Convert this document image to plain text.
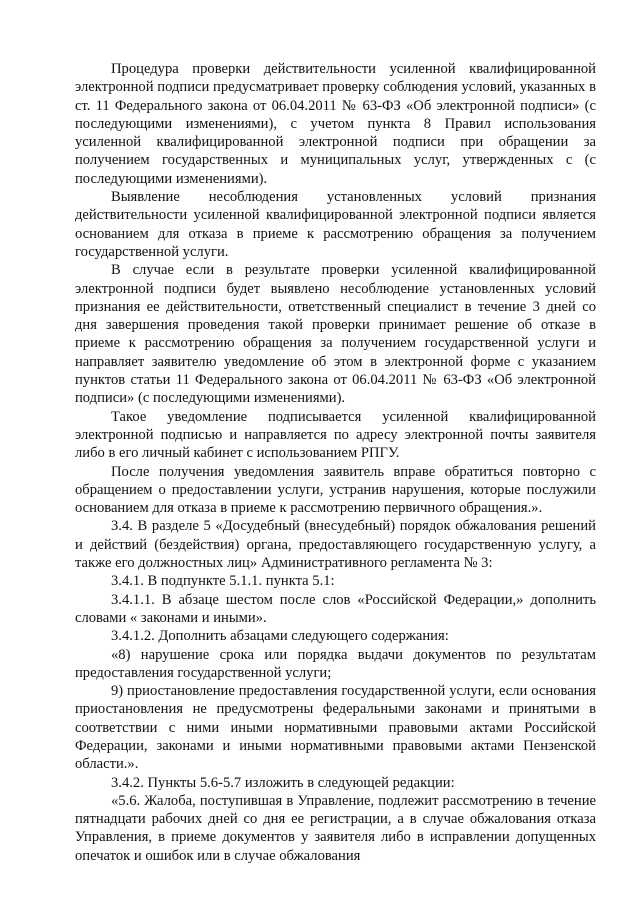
Процедура проверки действительности усиленной квалифицированной электронной подписи предусматривает проверку соблюдения условий, указанных в ст. 11 Федерального закона от 06.04.2011 № 63-ФЗ «Об электронной подписи» (с последующими изменениями), с учетом пункта 8 Правил использования усиленной квалифицированной электронной подписи при обращении за получением государственных и муниципальных услуг, утвержденных с (с последующими изменениями).

Выявление несоблюдения установленных условий признания действительности усиленной квалифицированной электронной подписи является основанием для отказа в приеме к рассмотрению обращения за получением государственной услуги.

В случае если в результате проверки усиленной квалифицированной электронной подписи будет выявлено несоблюдение установленных условий признания ее действительности, ответственный специалист в течение 3 дней со дня завершения проведения такой проверки принимает решение об отказе в приеме к рассмотрению обращения за получением государственной услуги и направляет заявителю уведомление об этом в электронной форме с указанием пунктов статьи 11 Федерального закона от 06.04.2011 № 63-ФЗ «Об электронной подписи» (с последующими изменениями).

Такое уведомление подписывается усиленной квалифицированной электронной подписью и направляется по адресу электронной почты заявителя либо в его личный кабинет с использованием РПГУ.

После получения уведомления заявитель вправе обратиться повторно с обращением о предоставлении услуги, устранив нарушения, которые послужили основанием для отказа в приеме к рассмотрению первичного обращения.».

3.4. В разделе 5 «Досудебный (внесудебный) порядок обжалования решений и действий (бездействия) органа, предоставляющего государственную услугу, а также его должностных лиц» Административного регламента № 3:

3.4.1. В подпункте 5.1.1. пункта 5.1:

3.4.1.1. В абзаце шестом после слов «Российской Федерации,» дополнить словами « законами и иными».

3.4.1.2. Дополнить абзацами следующего содержания:

«8) нарушение срока или порядка выдачи документов по результатам предоставления государственной услуги;

9) приостановление предоставления государственной услуги, если основания приостановления не предусмотрены федеральными законами и принятыми в соответствии с ними иными нормативными правовыми актами Российской Федерации, законами и иными нормативными правовыми актами Пензенской области.».

3.4.2. Пункты 5.6-5.7 изложить в следующей редакции:

«5.6. Жалоба, поступившая в Управление, подлежит рассмотрению в течение пятнадцати рабочих дней со дня ее регистрации, а в случае обжалования отказа Управления, в приеме документов у заявителя либо в исправлении допущенных опечаток и ошибок или в случае обжалования
